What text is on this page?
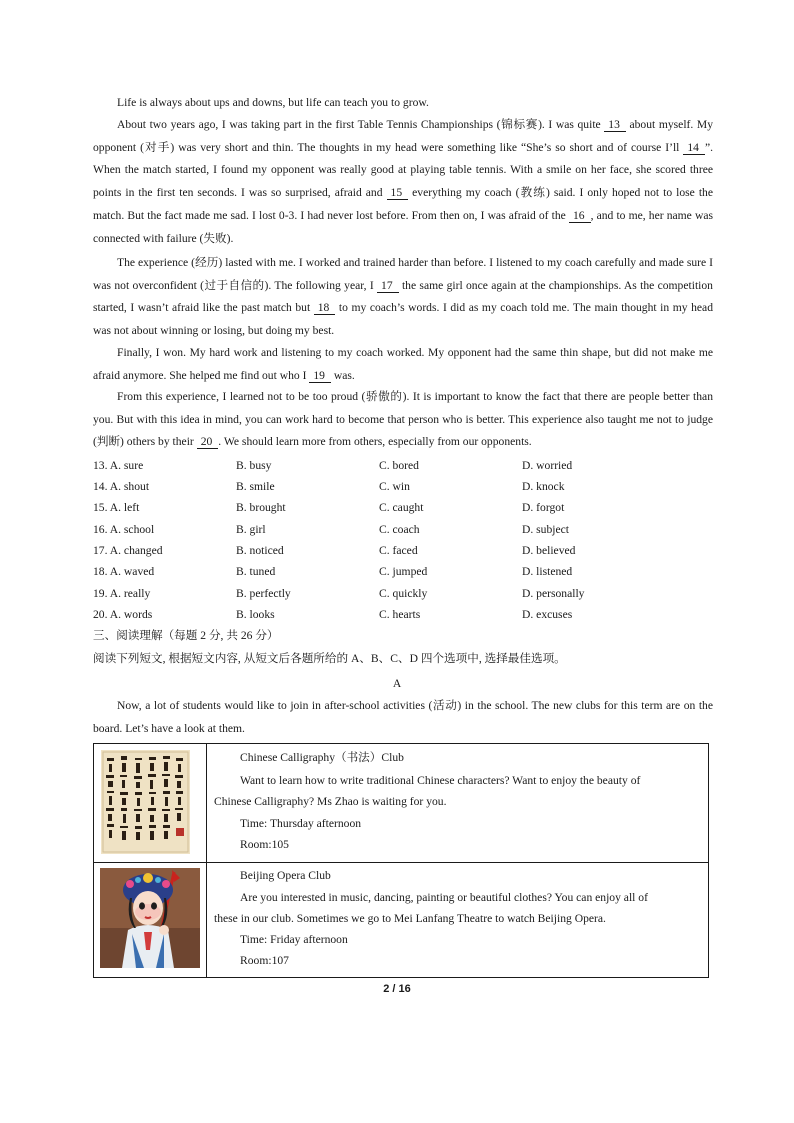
Life is always about ups and downs, but life can teach you to grow.

About two years ago, I was taking part in the first Table Tennis Championships (锦标赛). I was quite 13 about myself. My opponent (对手) was very short and thin. The thoughts in my head were something like “She’s so short and of course I’ll 14 ”. When the match started, I found my opponent was really good at playing table tennis. With a smile on her face, she scored three points in the first ten seconds. I was so surprised, afraid and 15 everything my coach (教练) said. I only hoped not to lose the match. But the fact made me sad. I lost 0-3. I had never lost before. From then on, I was afraid of the 16 , and to me, her name was connected with failure (失败).

The experience (经历) lasted with me. I worked and trained harder than before. I listened to my coach carefully and made sure I was not overconfident (过于自信的). The following year, I 17 the same girl once again at the championships. As the competition started, I wasn’t afraid like the past match but 18 to my coach’s words. I did as my coach told me. The main thought in my head was not about winning or losing, but doing my best.

Finally, I won. My hard work and listening to my coach worked. My opponent had the same thin shape, but did not make me afraid anymore. She helped me find out who I 19 was.

From this experience, I learned not to be too proud (骄傲的). It is important to know the fact that there are people better than you. But with this idea in mind, you can work hard to become that person who is better. This experience also taught me not to judge (判断) others by their 20 . We should learn more from others, especially from our opponents.

13. A. sure	B. busy	C. bored	D. worried
14. A. shout	B. smile	C. win	D. knock
15. A. left	B. brought	C. caught	D. forgot
16. A. school	B. girl	C. coach	D. subject
17. A. changed	B. noticed	C. faced	D. believed
18. A. waved	B. tuned	C. jumped	D. listened
19. A. really	B. perfectly	C. quickly	D. personally
20. A. words	B. looks	C. hearts	D. excuses
三、阅读理解（每题 2 分, 共 26 分）
阅读下列短文, 根据短文内容, 从短文后各题所给的 A、B、C、D 四个选项中, 选择最佳选项。
A

Now, a lot of students would like to join in after-school activities (活动) in the school. The new clubs for this term are on the board. Let’s have a look at them.

Chinese Calligraphy（书法）Club
Want to learn how to write traditional Chinese characters? Want to enjoy the beauty of
Chinese Calligraphy? Ms Zhao is waiting for you.
Time: Thursday afternoon
Room:105
Beijing Opera Club
Are you interested in music, dancing, painting or beautiful clothes? You can enjoy all of
these in our club. Sometimes we go to Mei Lanfang Theatre to watch Beijing Opera.
Time: Friday afternoon
Room:107
2 / 16
